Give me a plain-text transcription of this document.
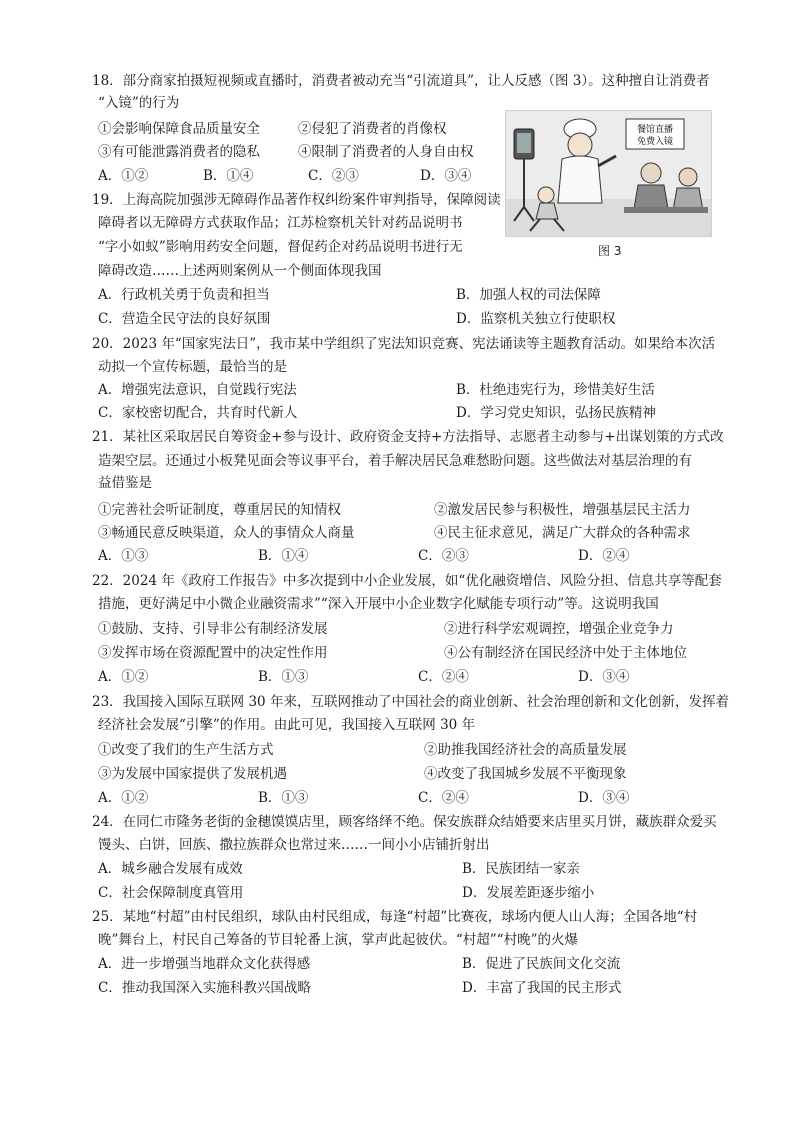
18．部分商家拍摄短视频或直播时，消费者被动充当“引流道具”，让人反感（图 3）。这种擅自让消费者
“入镜”的行为
①会影响保障食品质量安全	②侵犯了消费者的肖像权
③有可能泄露消费者的隐私	④限制了消费者的人身自由权
A．①②	B．①④	C．②③	D．③④
餐馆直播
免费入镜
图 3
19．上海高院加强涉无障碍作品著作权纠纷案件审判指导，保障阅读
障碍者以无障碍方式获取作品；江苏检察机关针对药品说明书
“字小如蚁”影响用药安全问题，督促药企对药品说明书进行无
障碍改造……上述两则案例从一个侧面体现我国
A．行政机关勇于负责和担当	B．加强人权的司法保障
C．营造全民守法的良好氛围	D．监察机关独立行使职权
20．2023 年“国家宪法日”，我市某中学组织了宪法知识竞赛、宪法诵读等主题教育活动。如果给本次活
动拟一个宣传标题，最恰当的是
A．增强宪法意识，自觉践行宪法	B．杜绝违宪行为，珍惜美好生活
C．家校密切配合，共育时代新人	D．学习党史知识，弘扬民族精神
21．某社区采取居民自筹资金+参与设计、政府资金支持+方法指导、志愿者主动参与+出谋划策的方式改
造架空层。还通过小板凳见面会等议事平台，着手解决居民急难愁盼问题。这些做法对基层治理的有
益借鉴是
①完善社会听证制度，尊重居民的知情权	②激发居民参与积极性，增强基层民主活力
③畅通民意反映渠道，众人的事情众人商量	④民主征求意见，满足广大群众的各种需求
A．①③	B．①④	C．②③	D．②④
22．2024 年《政府工作报告》中多次提到中小企业发展，如“优化融资增信、风险分担、信息共享等配套
措施，更好满足中小微企业融资需求”“深入开展中小企业数字化赋能专项行动”等。这说明我国
①鼓励、支持、引导非公有制经济发展	②进行科学宏观调控，增强企业竞争力
③发挥市场在资源配置中的决定性作用	④公有制经济在国民经济中处于主体地位
A．①②	B．①③	C．②④	D．③④
23．我国接入国际互联网 30 年来，互联网推动了中国社会的商业创新、社会治理创新和文化创新，发挥着
经济社会发展“引擎”的作用。由此可见，我国接入互联网 30 年
①改变了我们的生产生活方式	②助推我国经济社会的高质量发展
③为发展中国家提供了发展机遇	④改变了我国城乡发展不平衡现象
A．①②	B．①③	C．②④	D．③④
24．在同仁市隆务老街的金穗馍馍店里，顾客络绎不绝。保安族群众结婚要来店里买月饼，藏族群众爱买
馒头、白饼，回族、撒拉族群众也常过来……一间小小店铺折射出
A．城乡融合发展有成效	B．民族团结一家亲
C．社会保障制度真管用	D．发展差距逐步缩小
25．某地“村超”由村民组织，球队由村民组成，每逢“村超”比赛夜，球场内便人山人海；全国各地“村
晚”舞台上，村民自己筹备的节目轮番上演，掌声此起彼伏。“村超”“村晚”的火爆
A．进一步增强当地群众文化获得感	B．促进了民族间文化交流
C．推动我国深入实施科教兴国战略	D．丰富了我国的民主形式
